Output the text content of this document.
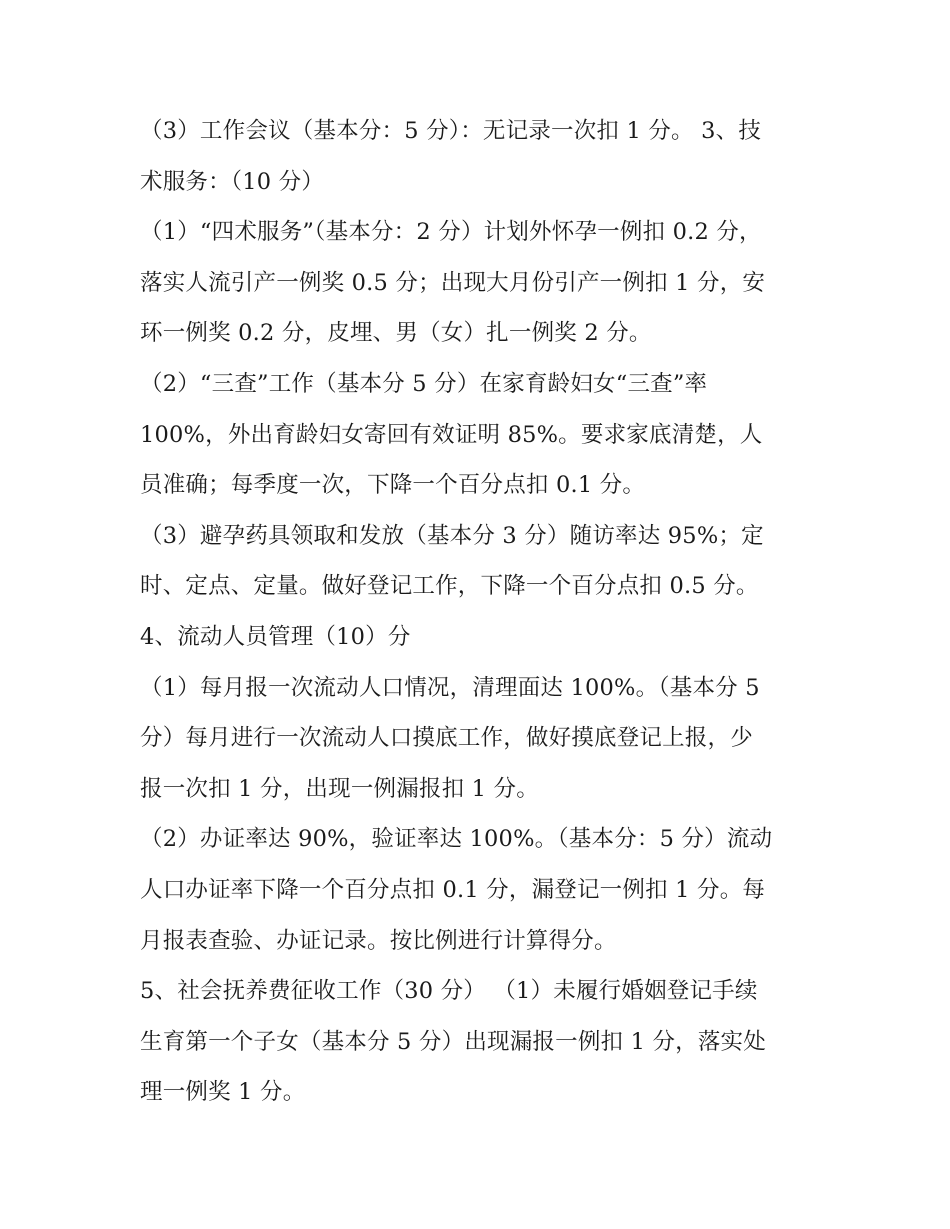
（3）工作会议（基本分：5 分）：无记录一次扣 1 分。 3、技
术服务：（10 分）
（1）“四术服务”（基本分：2 分）计划外怀孕一例扣 0.2 分，
落实人流引产一例奖 0.5 分；出现大月份引产一例扣 1 分，安
环一例奖 0.2 分，皮埋、男（女）扎一例奖 2 分。
（2）“三查”工作（基本分 5 分）在家育龄妇女“三查”率
100%，外出育龄妇女寄回有效证明 85%。要求家底清楚，人
员准确；每季度一次，下降一个百分点扣 0.1 分。
（3）避孕药具领取和发放（基本分 3 分）随访率达 95%；定
时、定点、定量。做好登记工作，下降一个百分点扣 0.5 分。
4、流动人员管理（10）分
（1）每月报一次流动人口情况，清理面达 100%。（基本分 5
分）每月进行一次流动人口摸底工作，做好摸底登记上报，少
报一次扣 1 分，出现一例漏报扣 1 分。
（2）办证率达 90%，验证率达 100%。（基本分：5 分）流动
人口办证率下降一个百分点扣 0.1 分，漏登记一例扣 1 分。每
月报表查验、办证记录。按比例进行计算得分。
5、社会抚养费征收工作（30 分） （1）未履行婚姻登记手续
生育第一个子女（基本分 5 分）出现漏报一例扣 1 分，落实处
理一例奖 1 分。
